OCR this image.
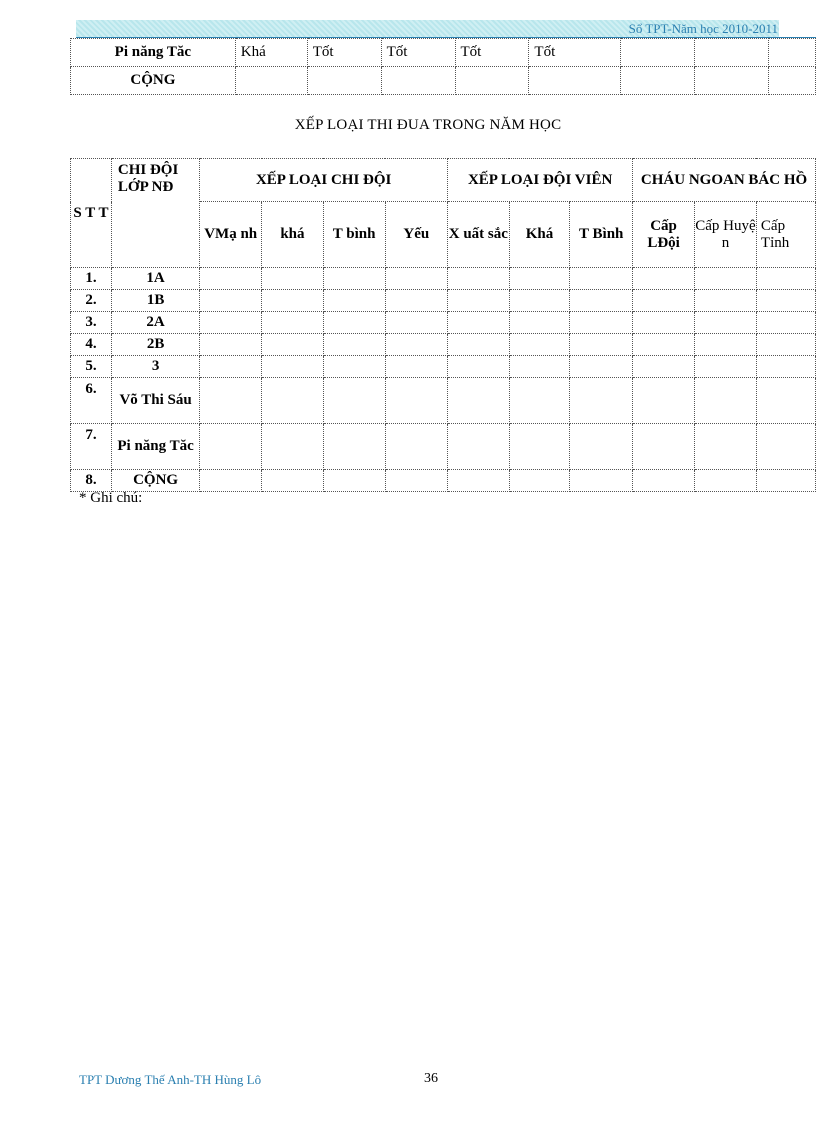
Sổ TPT-Năm học 2010-2011
Pi năng Tăc	Khá	Tốt	Tốt	Tốt	Tốt			
CỘNG								
XẾP LOẠI THI ĐUA TRONG NĂM HỌC
S T T	CHI ĐỘI LỚP NĐ	XẾP LOẠI CHI ĐỘI				XẾP LOẠI ĐỘI VIÊN			CHÁU NGOAN BÁC HỒ		
		VMạ nh	khá	T bình	Yếu	X uất sắc	Khá	T Bình	Cấp LĐội	Cấp Huyệ n	Cấp Tỉnh
1.	1A										
2.	1B										
3.	2A										
4.	2B										
5.	3										
6.	Võ Thi Sáu										
7.	Pi năng Tăc										
8.	CỘNG										
* Ghi chú:
TPT Dương Thế Anh-TH Hùng Lô	36
